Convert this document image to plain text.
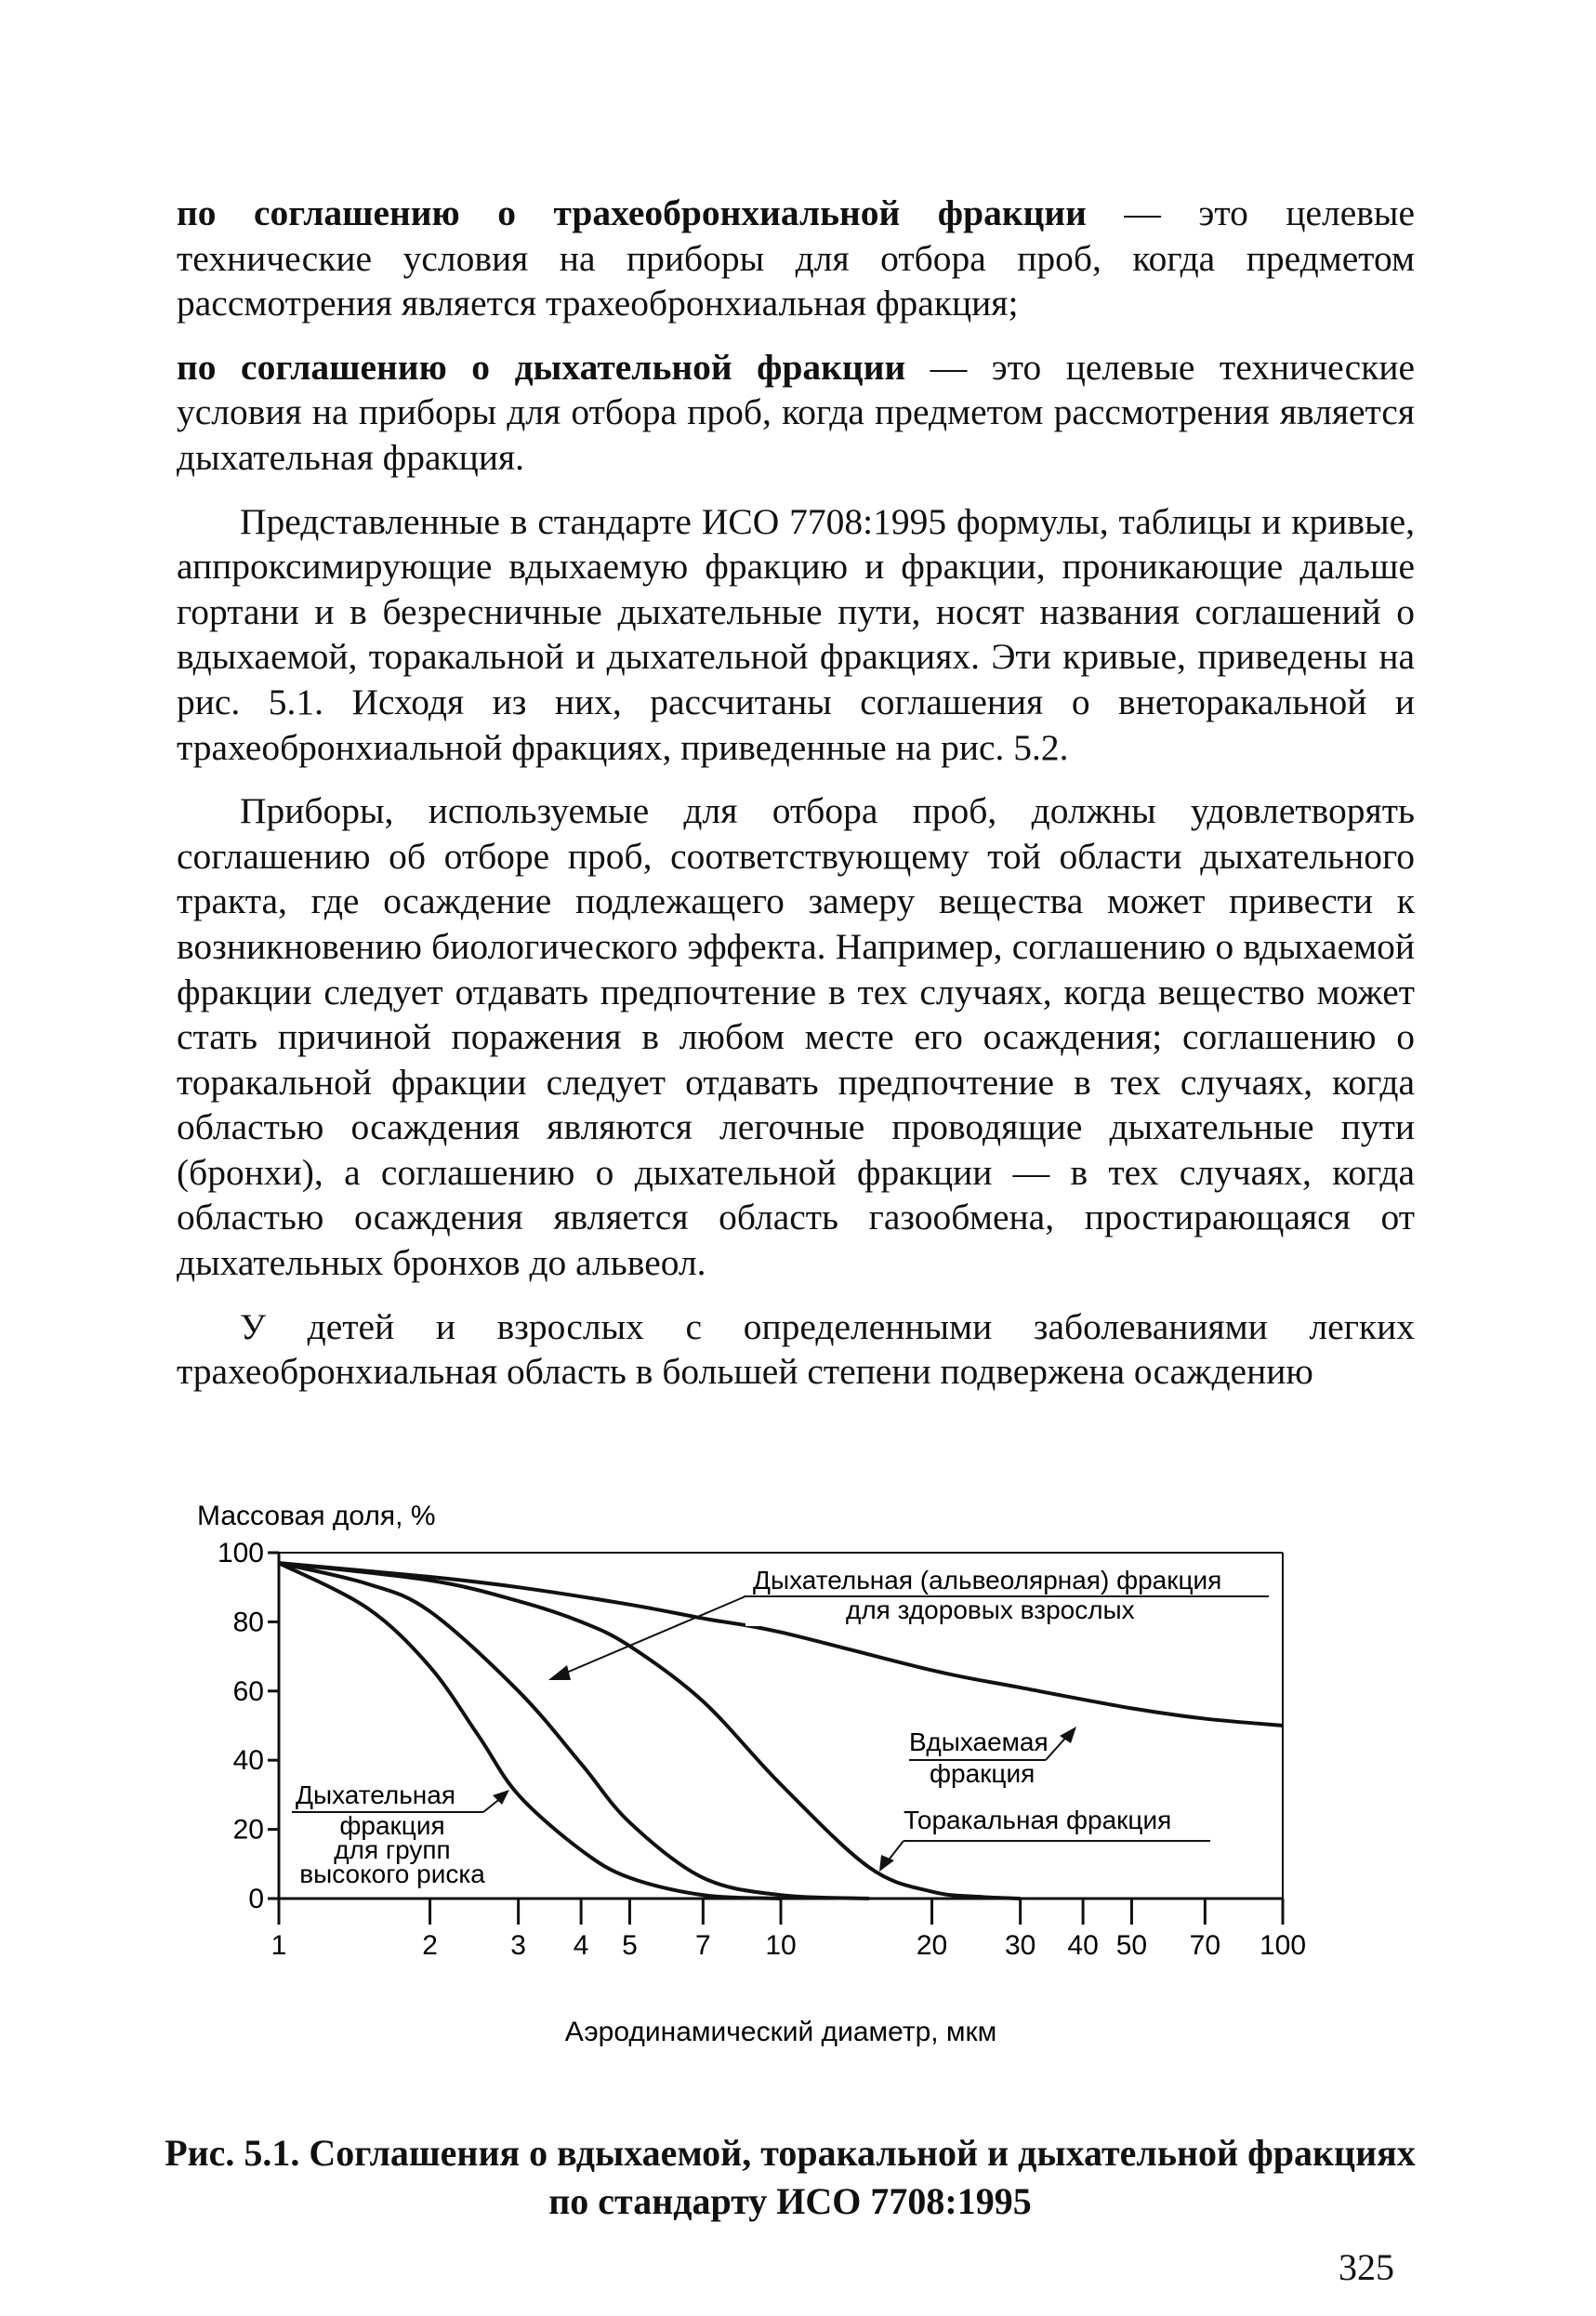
по соглашению о трахеобронхиальной фракции — это целевые технические условия на приборы для отбора проб, когда предметом рассмотрения является трахеобронхиальная фракция;

по соглашению о дыхательной фракции — это целевые технические условия на приборы для отбора проб, когда предметом рассмотрения является дыхательная фракция.

Представленные в стандарте ИСО 7708:1995 формулы, таблицы и кривые, аппроксимирующие вдыхаемую фракцию и фракции, проникающие дальше гортани и в безресничные дыхательные пути, носят названия соглашений о вдыхаемой, торакальной и дыхательной фракциях. Эти кривые, приведены на рис. 5.1. Исходя из них, рассчитаны соглашения о внеторакальной и трахеобронхиальной фракциях, приведенные на рис. 5.2.

Приборы, используемые для отбора проб, должны удовлетворять соглашению об отборе проб, соответствующему той области дыхательного тракта, где осаждение подлежащего замеру вещества может привести к возникновению биологического эффекта. Например, соглашению о вдыхаемой фракции следует отдавать предпочтение в тех случаях, когда вещество может стать причиной поражения в любом месте его осаждения; соглашению о торакальной фракции следует отдавать предпочтение в тех случаях, когда областью осаждения являются легочные проводящие дыхательные пути (бронхи), а соглашению о дыхательной фракции — в тех случаях, когда областью осаждения является область газообмена, простирающаяся от дыхательных бронхов до альвеол.

У детей и взрослых с определенными заболеваниями легких трахеобронхиальная область в большей степени подвержена осаждению

Массовая доля, %
Аэродинамический диаметр, мкм
0
20
40
60
80
100
1	2	3 4 5 7 10	20 30 40 50 70 100
Дыхательная (альвеолярная) фракция
для здоровых взрослых
Вдыхаемая
фракция
Торакальная фракция
Дыхательная
фракция
для групп
высокого риска
Рис. 5.1. Соглашения о вдыхаемой, торакальной и дыхательной фракциях
по стандарту ИСО 7708:1995
325
